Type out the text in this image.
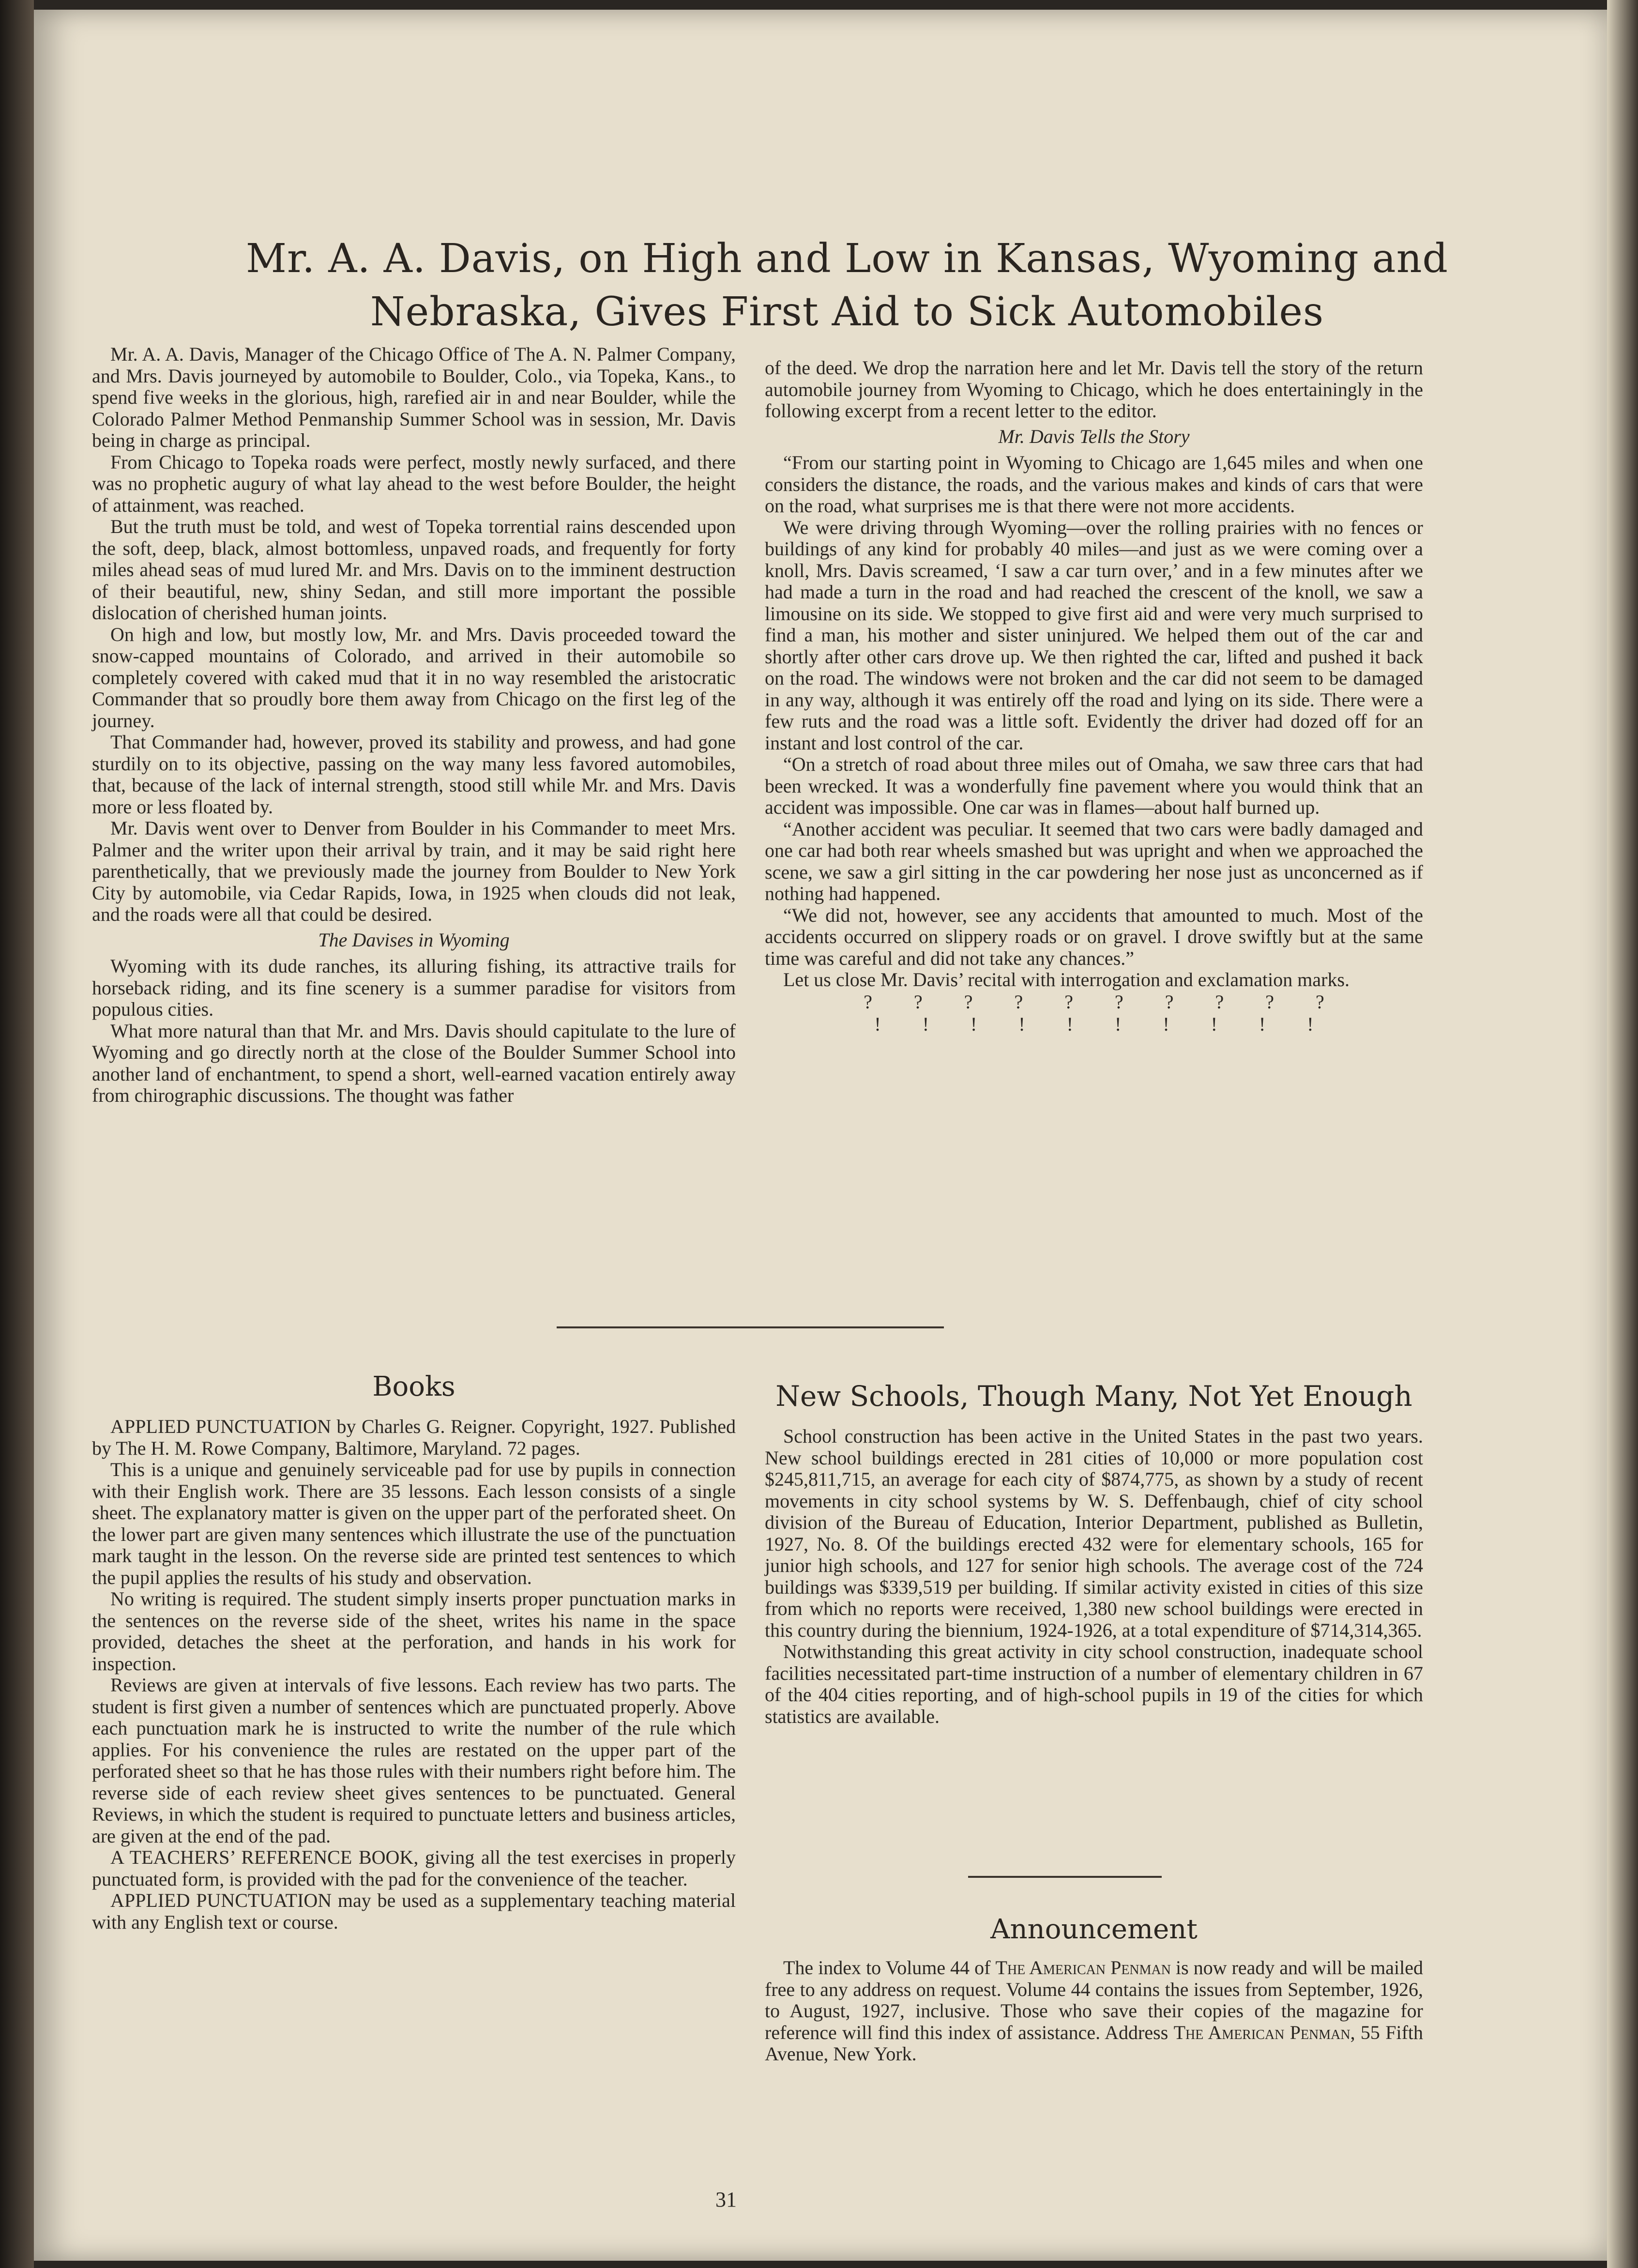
Mr. A. A. Davis, on High and Low in Kansas, Wyoming and
Nebraska, Gives First Aid to Sick Automobiles

Mr. A. A. Davis, Manager of the Chicago Office of The A. N. Palmer Company, and Mrs. Davis journeyed by automobile to Boulder, Colo., via Topeka, Kans., to spend five weeks in the glorious, high, rarefied air in and near Boulder, while the Colorado Palmer Method Penmanship Summer School was in session, Mr. Davis being in charge as principal.

From Chicago to Topeka roads were perfect, mostly newly surfaced, and there was no prophetic augury of what lay ahead to the west before Boulder, the height of attainment, was reached.

But the truth must be told, and west of Topeka torrential rains descended upon the soft, deep, black, almost bottomless, unpaved roads, and frequently for forty miles ahead seas of mud lured Mr. and Mrs. Davis on to the imminent destruction of their beautiful, new, shiny Sedan, and still more important the possible dislocation of cherished human joints.

On high and low, but mostly low, Mr. and Mrs. Davis proceeded toward the snow-capped mountains of Colorado, and arrived in their automobile so completely covered with caked mud that it in no way resembled the aristocratic Commander that so proudly bore them away from Chicago on the first leg of the journey.

That Commander had, however, proved its stability and prowess, and had gone sturdily on to its objective, passing on the way many less favored automobiles, that, because of the lack of internal strength, stood still while Mr. and Mrs. Davis more or less floated by.

Mr. Davis went over to Denver from Boulder in his Commander to meet Mrs. Palmer and the writer upon their arrival by train, and it may be said right here parenthetically, that we previously made the journey from Boulder to New York City by automobile, via Cedar Rapids, Iowa, in 1925 when clouds did not leak, and the roads were all that could be desired.

The Davises in Wyoming

Wyoming with its dude ranches, its alluring fishing, its attractive trails for horseback riding, and its fine scenery is a summer paradise for visitors from populous cities.

What more natural than that Mr. and Mrs. Davis should capitulate to the lure of Wyoming and go directly north at the close of the Boulder Summer School into another land of enchantment, to spend a short, well-earned vacation entirely away from chirographic discussions. The thought was father

of the deed. We drop the narration here and let Mr. Davis tell the story of the return automobile journey from Wyoming to Chicago, which he does entertainingly in the following excerpt from a recent letter to the editor.

Mr. Davis Tells the Story

“From our starting point in Wyoming to Chicago are 1,645 miles and when one considers the distance, the roads, and the various makes and kinds of cars that were on the road, what surprises me is that there were not more accidents.

We were driving through Wyoming—over the rolling prairies with no fences or buildings of any kind for probably 40 miles—and just as we were coming over a knoll, Mrs. Davis screamed, ‘I saw a car turn over,’ and in a few minutes after we had made a turn in the road and had reached the crescent of the knoll, we saw a limousine on its side. We stopped to give first aid and were very much surprised to find a man, his mother and sister uninjured. We helped them out of the car and shortly after other cars drove up. We then righted the car, lifted and pushed it back on the road. The windows were not broken and the car did not seem to be damaged in any way, although it was entirely off the road and lying on its side. There were a few ruts and the road was a little soft. Evidently the driver had dozed off for an instant and lost control of the car.

“On a stretch of road about three miles out of Omaha, we saw three cars that had been wrecked. It was a wonderfully fine pavement where you would think that an accident was impossible. One car was in flames—about half burned up.

“Another accident was peculiar. It seemed that two cars were badly damaged and one car had both rear wheels smashed but was upright and when we approached the scene, we saw a girl sitting in the car powdering her nose just as unconcerned as if nothing had happened.

“We did not, however, see any accidents that amounted to much. Most of the accidents occurred on slippery roads or on gravel. I drove swiftly but at the same time was careful and did not take any chances.”

Let us close Mr. Davis’ recital with interrogation and exclamation marks.

? ? ? ? ? ? ? ? ? ?

! ! ! ! ! ! ! ! ! !

Books

APPLIED PUNCTUATION by Charles G. Reigner. Copyright, 1927. Published by The H. M. Rowe Company, Baltimore, Maryland. 72 pages.

This is a unique and genuinely serviceable pad for use by pupils in connection with their English work. There are 35 lessons. Each lesson consists of a single sheet. The explanatory matter is given on the upper part of the perforated sheet. On the lower part are given many sentences which illustrate the use of the punctuation mark taught in the lesson. On the reverse side are printed test sentences to which the pupil applies the results of his study and observation.

No writing is required. The student simply inserts proper punctuation marks in the sentences on the reverse side of the sheet, writes his name in the space provided, detaches the sheet at the perforation, and hands in his work for inspection.

Reviews are given at intervals of five lessons. Each review has two parts. The student is first given a number of sentences which are punctuated properly. Above each punctuation mark he is instructed to write the number of the rule which applies. For his convenience the rules are restated on the upper part of the perforated sheet so that he has those rules with their numbers right before him. The reverse side of each review sheet gives sentences to be punctuated. General Reviews, in which the student is required to punctuate letters and business articles, are given at the end of the pad.

A TEACHERS’ REFERENCE BOOK, giving all the test exercises in properly punctuated form, is provided with the pad for the convenience of the teacher.

APPLIED PUNCTUATION may be used as a supplementary teaching material with any English text or course.

New Schools, Though Many, Not Yet Enough

School construction has been active in the United States in the past two years. New school buildings erected in 281 cities of 10,000 or more population cost $245,811,715, an average for each city of $874,775, as shown by a study of recent movements in city school systems by W. S. Deffenbaugh, chief of city school division of the Bureau of Education, Interior Department, published as Bulletin, 1927, No. 8. Of the buildings erected 432 were for elementary schools, 165 for junior high schools, and 127 for senior high schools. The average cost of the 724 buildings was $339,519 per building. If similar activity existed in cities of this size from which no reports were received, 1,380 new school buildings were erected in this country during the biennium, 1924-1926, at a total expenditure of $714,314,365.

Notwithstanding this great activity in city school construction, inadequate school facilities necessitated part-time instruction of a number of elementary children in 67 of the 404 cities reporting, and of high-school pupils in 19 of the cities for which statistics are available.

Announcement

The index to Volume 44 of The American Penman is now ready and will be mailed free to any address on request. Volume 44 contains the issues from September, 1926, to August, 1927, inclusive. Those who save their copies of the magazine for reference will find this index of assistance. Address The American Penman, 55 Fifth Avenue, New York.

31
